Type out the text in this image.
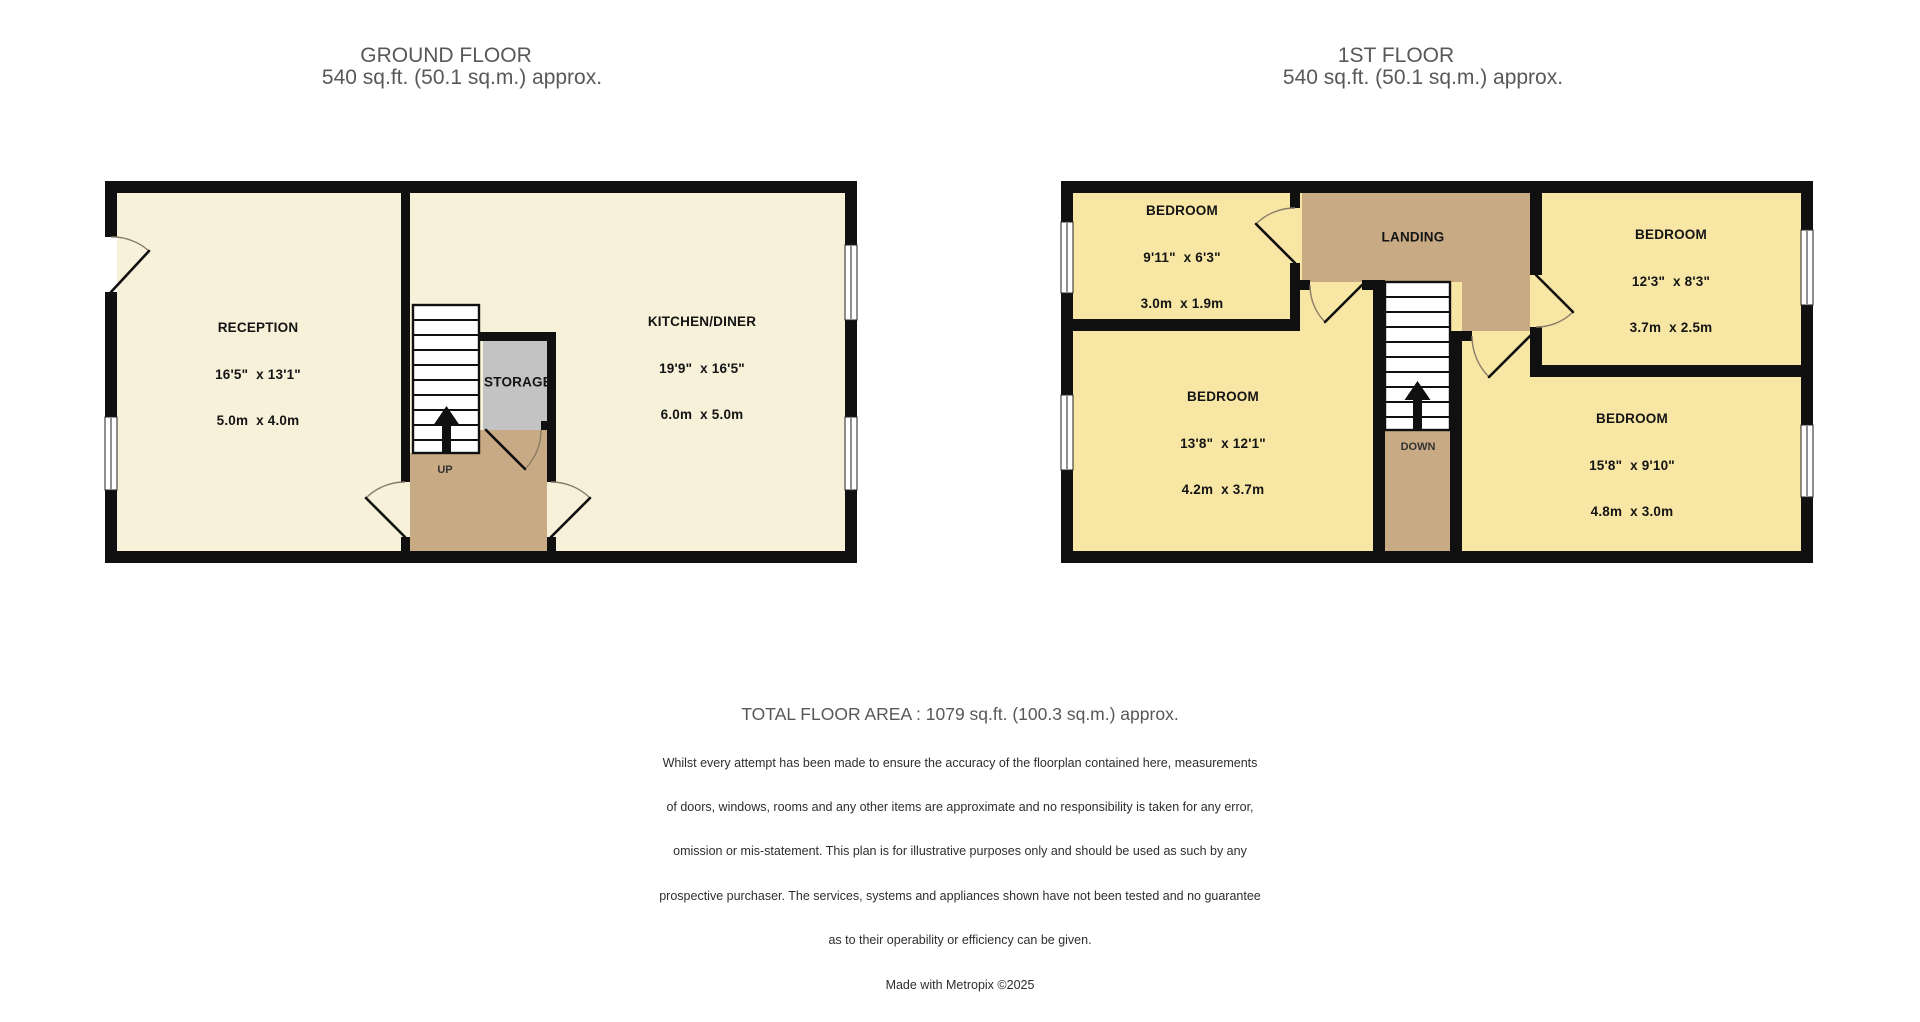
GROUND FLOOR
540 sq.ft. (50.1 sq.m.) approx.
1ST FLOOR
540 sq.ft. (50.1 sq.m.) approx.

RECEPTION

16'5"  x 13'1"

5.0m  x 4.0m

KITCHEN/DINER

19'9"  x 16'5"

6.0m  x 5.0m

STORAGE

UP

BEDROOM

9'11"  x 6'3"

3.0m  x 1.9m

LANDING

	BEDROOM

12'3"  x 8'3"

3.7m  x 2.5m

BEDROOM

13'8"  x 12'1"

4.2m  x 3.7m

BEDROOM

15'8"  x 9'10"

4.8m  x 3.0m

DOWN
TOTAL FLOOR AREA : 1079 sq.ft. (100.3 sq.m.) approx.

Whilst every attempt has been made to ensure the accuracy of the floorplan contained here, measurements

of doors, windows, rooms and any other items are approximate and no responsibility is taken for any error,

omission or mis-statement. This plan is for illustrative purposes only and should be used as such by any

prospective purchaser. The services, systems and appliances shown have not been tested and no guarantee

as to their operability or efficiency can be given.

Made with Metropix ©2025
